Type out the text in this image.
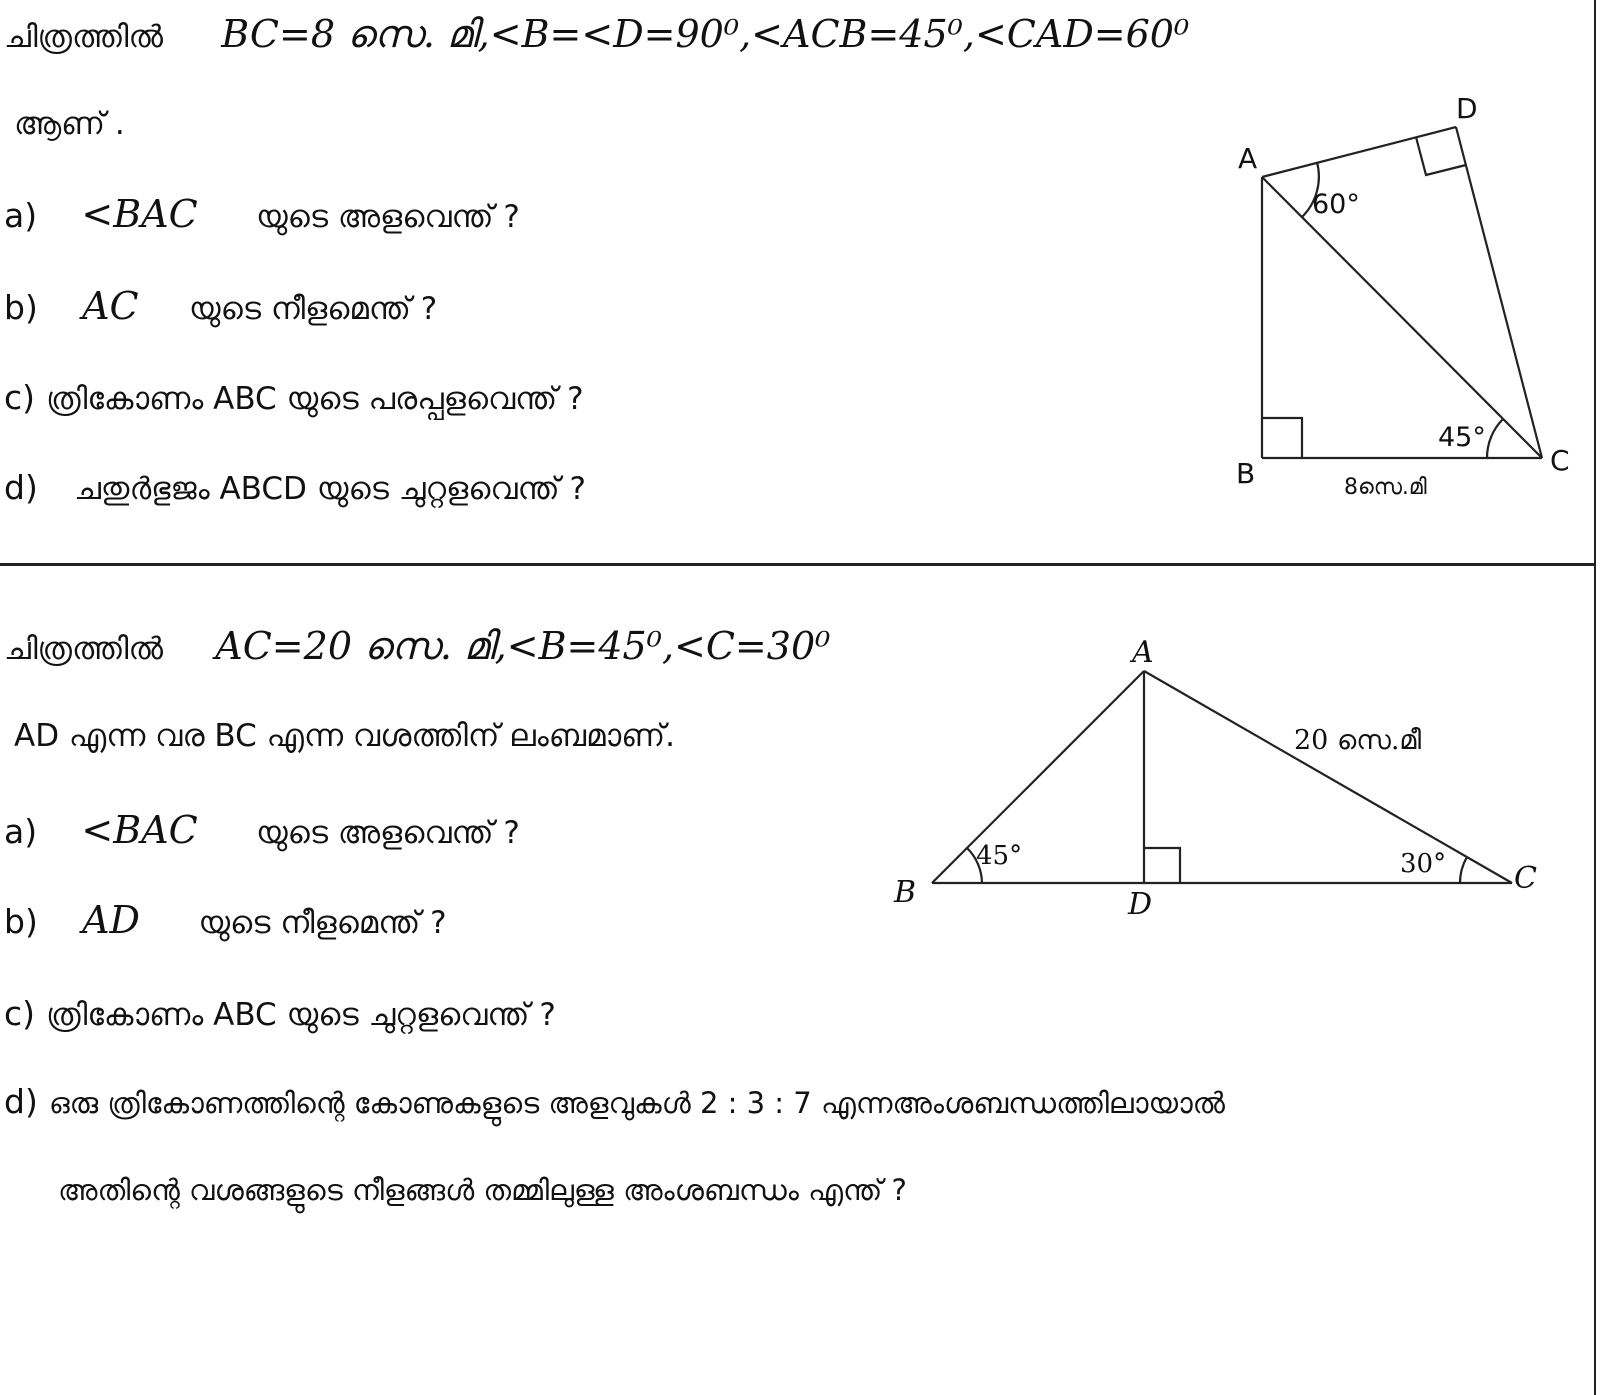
ചിത്രത്തിൽ BC=8 സെ. മി,<B=<D=90⁰,<ACB=45⁰,<CAD=60⁰
ആണ് .
a) <BAC യുടെ അളവെന്ത് ?
b) AC യുടെ നീളമെന്ത് ?
c) ത്രികോണം ABC യുടെ പരപ്പളവെന്ത് ?
d) ചതുർഭുജം ABCD യുടെ ചുറ്റളവെന്ത് ?
A
B	C
D
60°
45°
8സെ.മി
ചിത്രത്തിൽ AC=20 സെ. മി,<B=45⁰,<C=30⁰
AD എന്ന വര BC എന്ന വശത്തിന് ലംബമാണ്.
a) <BAC യുടെ അളവെന്ത് ?
b) AD യുടെ നീളമെന്ത് ?
c) ത്രികോണം ABC യുടെ ചുറ്റളവെന്ത് ?
d) ഒരു ത്രികോണത്തിന്റെ കോണുകളുടെ അളവുകൾ 2 : 3 : 7 എന്നഅംശബന്ധത്തിലായാൽ
അതിന്റെ വശങ്ങളുടെ നീളങ്ങൾ തമ്മിലുള്ള അംശബന്ധം എന്ത് ?
A
B	C
D
45°	30°
20 സെ.മീ
